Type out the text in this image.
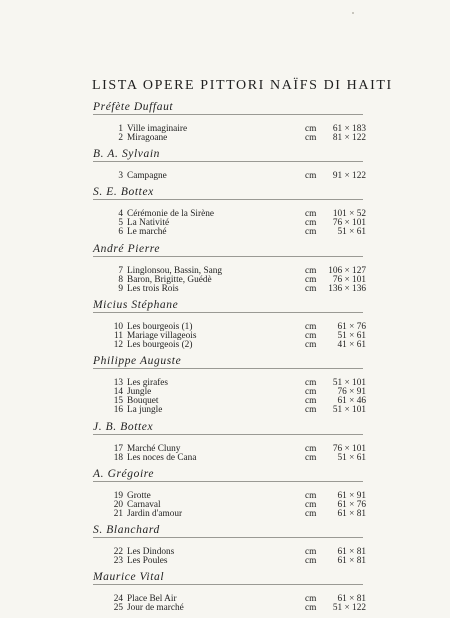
LISTA OPERE PITTORI NAÏFS DI HAITI
Préfète Duffaut
1 Ville imaginaire	cm	61 × 183
2 Miragoane	cm	81 × 122
B. A. Sylvain
3 Campagne	cm	91 × 122
S. E. Bottex
4 Cérémonie de la Sirène	cm	101 × 52
5 La Nativité	cm	76 × 101
6 Le marché	cm	51 × 61
André Pierre
7 Linglonsou, Bassin, Sang	cm	106 × 127
8 Baron, Brigitte, Guédè	cm	76 × 101
9 Les trois Rois	cm	136 × 136
Micius Stéphane
10 Les bourgeois (1)	cm	61 × 76
11 Mariage villageois	cm	51 × 61
12 Les bourgeois (2)	cm	41 × 61
Philippe Auguste
13 Les girafes	cm	51 × 101
14 Jungle	cm	76 × 91
15 Bouquet	cm	61 × 46
16 La jungle	cm	51 × 101
J. B. Bottex
17 Marché Cluny	cm	76 × 101
18 Les noces de Cana	cm	51 × 61
A. Grégoire
19 Grotte	cm	61 × 91
20 Carnaval	cm	61 × 76
21 Jardin d'amour	cm	61 × 81
S. Blanchard
22 Les Dindons	cm	61 × 81
23 Les Poules	cm	61 × 81
Maurice Vital
24 Place Bel Air	cm	61 × 81
25 Jour de marché	cm	51 × 122
